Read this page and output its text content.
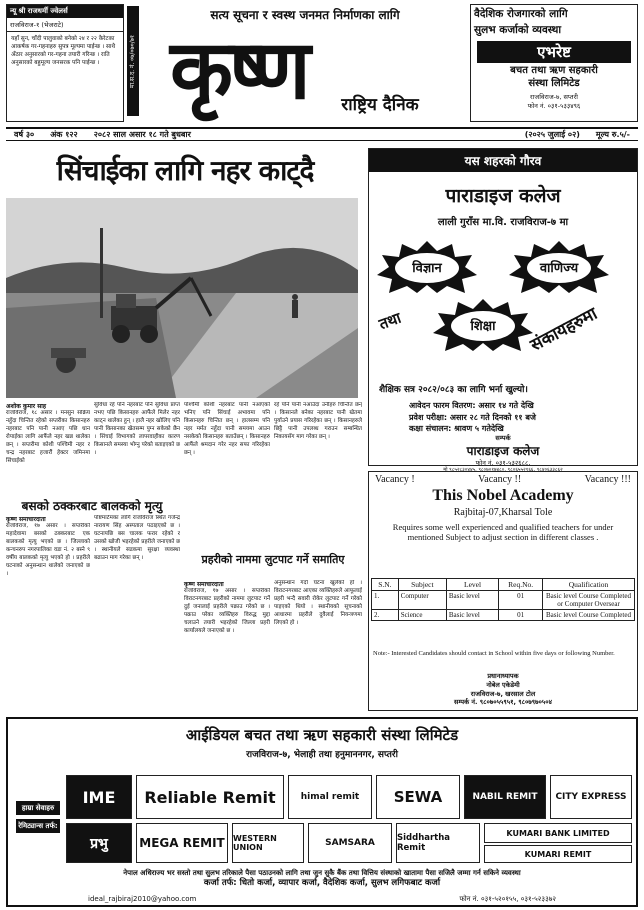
न्यू श्री राजधर्मी ज्वेलर्स
राजविराज-१ (भेजराटे)
यहाँ सुन, चाँदी पालुवाको बनेको २४ र २२ कैरेटका आकर्षक गर-गहनाहरु सुपत्र मूल्यमा पाईन्छ । साथै अँठार अनुसारको गर-गहना तयारी गरिन्छ । राति अनुसारको बहुमूल्य जनसरक पनि पाईन्छ ।	मा.स.द. नं. ०७/०७०/७१
सत्य सूचना र स्वस्थ जनमत निर्माणका लागि
कृष्ण	राष्ट्रिय दैनिक
वैदेशिक रोजगारको लागि
सुलभ कर्जाको व्यवस्था
एभरेष्ट
बचत तथा ऋण सहकारी
संस्था लिमिटेड
राजविराज-७, सप्तरी
फोन नं. ०३१-५३३४९६
वर्ष ३०	अंक १२२	२०८२ साल असार १८ गते बुधबार	(२०२५ जुलाई ०२)	मूल्य रु.५/-
सिंचाईका लागि नहर काट्दै
अशोक कुमार साह
राजविराज, १८ असार । मनसुन सक्रिय नहुँदा चिन्तित रहेको सप्तरीका किसानहरु नहरबाट पनि पानी नआए पछि धान रोपाईका लागि आफैंले नहर खन्न थालेका छन् । सप्तरीमा कोशी पश्चिमी नहर र चन्द्र नहरबाट हजारौं हेक्टर जमिनमा सिंचाईको
सुविधा रहे पनि नहरबाट पनि सुविधा प्राप्त नभए पछि किसानहरु आफैंले मिलेर नहर काट्न थालेका हुन् । हालै नहर खोलिए पनि पानी किसानका खेतसम्म पुग्न सकेको छैन । सिंचाई विभागको लापरवाहीका कारण किसानले समस्या भोग्नु परेको बताइएको छ ।
पश्चिमी कोशी नहरबाट पानी नआएको भनिए पनि सिंचाई अभावमा पनि किसानहरु चिन्तित छन् । हालसम्म पनि नहर मर्मत नहुँदा पानी समयमा आउन नसकेको किसानहरु बताउँछन् । किसानहरु आफैंले श्रमदान गरेर नहर सफा गरिरहेका छन् ।
रहे पनि पानी नआउँदा उनीहरु चिन्तित छन् । किसानले बनेका नहरबाट पानी खेतमा पुर्याउने प्रयास गरिरहेका छन् । किसानहरुले छिट्टै पानी उपलब्ध गराउन सम्बन्धित निकायसँग माग गरेका छन् ।
बसको ठक्करबाट बालकको मृत्यु
कृष्ण समाचारदाता
राजविराज, १७ असार । सप्तरीको महादेवामा बसको ठक्करबाट एक बालकको मृत्यु भएको छ । जिल्लाको कन्चनरुप नगरपालिका वडा नं. २ बस्ने ९ वर्षीय बालकको मृत्यु भएको हो । प्रहरीले घटनाको अनुसन्धान थालेको जनाएको छ ।
पोष्टमार्टमका लागि राजविराज स्थित गजेन्द्र नारायण सिंह अस्पताल पठाइएको छ । घटनापछि बस चालक फरार रहेको र उसको खोजी भइरहेको प्रहरीले जनाएको छ । स्थानीयले सडकमा सुरक्षा व्यवस्था बढाउन माग गरेका छन् ।	प्रहरीको नाममा लुटपाट गर्ने समातिए
कृष्ण समाचारदाता
राजविराज, १७ असार । सप्तरीको विराटनगरबाट प्रहरीको नाममा लुटपाट गर्ने दुई जनालाई प्रहरीले पक्राउ गरेको छ । पक्राउ परेका व्यक्तिहरु विरुद्ध मुद्दा चलाउने तयारी भइरहेको जिल्ला प्रहरी कार्यालयले जनाएको छ ।
अनुसन्धान गर्दा घटना खुलेको हो । विराटनगरबाट आएका व्यक्तिहरुले आफूलाई प्रहरी भन्दै सवारी रोकेर लुटपाट गर्ने गरेको पाइएको थियो । स्थानीयको सूचनाको आधारमा प्रहरीले दुवैलाई नियन्त्रणमा लिएको हो ।
यस शहरको गौरव
पाराडाइज कलेज
लाली गुराँस मा.वि. राजविराज-७ मा
विज्ञान	वाणिज्य
तथा	शिक्षा संकायहरुमा
शैक्षिक सत्र २०८२/०८३ का लागि भर्ना खुल्यो।
आवेदन फारम वितरण: असार १४ गते देखि
प्रवेश परीक्षा: असार २८ गते दिनको ११ बजे
कक्षा संचालन: श्रावण ५ गतेदेखि
सम्पर्क
पाराडाइज कलेज
फोन नं. ०३१-५३२६८८,
मो ९८५२८३०४४५, ९८०७०१७४८०, ९८०६५५२१६६, ९८४०६३३८६२
Vacancy !	Vacancy !!	Vacancy !!!
This Nobel Academy
Rajbitaj-07,Kharsal Tole
Requires some well experienced and qualified teachers for under mentioned Subject to adjust section in different classes .
S.N.	Subject	Level	Req.No.	Qualification
1.	Computer	Basic level	01	Basic level Course Completed or Computer Oversear
2.	Science	Basic level	01	Basic level Course Completed
Note:- Interested Candidates should contact in School within five days or following Number.
प्रधानाध्यापक
नोबेल एकेडेमी
राजविराज-७, खरसाल टोल
सम्पर्क नं. ९८०७०५५९५१, ९८०७९७०५०४
आईडियल बचत तथा ऋण सहकारी संस्था लिमिटेड
राजविराज-७, भेलाही तथा हनुमाननगर, सप्तरी
हाम्रा सेवाहरु
रेमिट्यान्स तर्फ:
IME	Reliable Remit	himal remit	SEWA	NABIL REMIT	CITY EXPRESS
प्रभु	MEGA REMIT	WESTERN UNION	SAMSARA	Siddhartha Remit
KUMARI BANK LIMITED
KUMARI REMIT
नेपाल अधिराज्य भर सस्तो तथा सुलभ तरिकाले पैसा पठाउनको लागि तथा जुन सुकै बैंक तथा वित्तिय संस्थाको खातामा पैसा सजिलै जम्मा गर्न सकिने व्यवस्था
कर्जा तर्फ: धितो कर्जा, व्यापार कर्जा, वैदेशिक कर्जा, सुलभ लगिफबाट कर्जा
ideal_rajbiraj2010@yahoo.com	फोन नं. ०३१-५२०१५५, ०३१-५२३३७२
